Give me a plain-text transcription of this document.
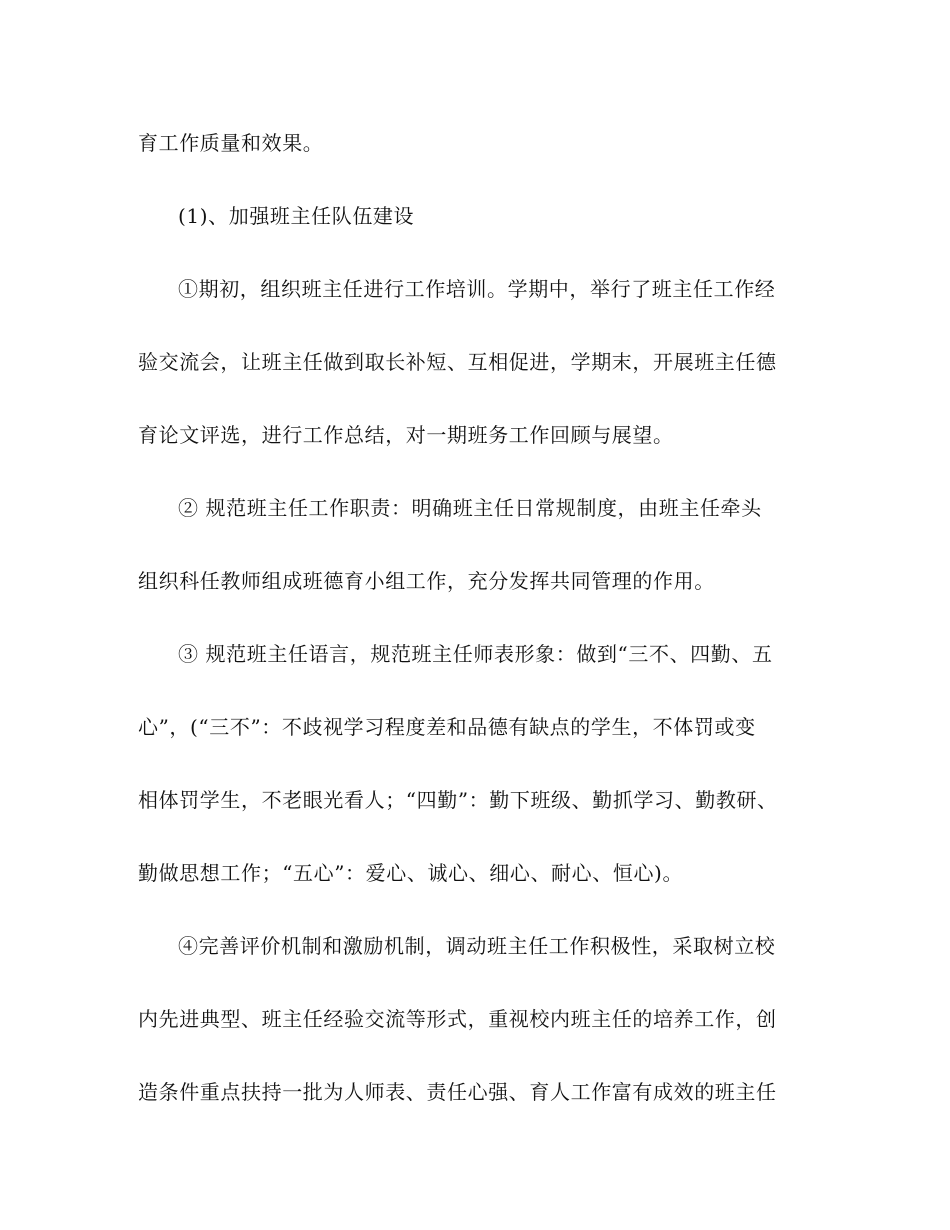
育工作质量和效果。

(1)、加强班主任队伍建设

①期初，组织班主任进行工作培训。学期中，举行了班主任工作经

验交流会，让班主任做到取长补短、互相促进，学期末，开展班主任德

育论文评选，进行工作总结，对一期班务工作回顾与展望。

② 规范班主任工作职责：明确班主任日常规制度，由班主任牵头

组织科任教师组成班德育小组工作，充分发挥共同管理的作用。

③ 规范班主任语言，规范班主任师表形象：做到“三不、四勤、五

心”，(“三不”：不歧视学习程度差和品德有缺点的学生，不体罚或变

相体罚学生，不老眼光看人；“四勤”：勤下班级、勤抓学习、勤教研、

勤做思想工作；“五心”：爱心、诚心、细心、耐心、恒心)。

④完善评价机制和激励机制，调动班主任工作积极性，采取树立校

内先进典型、班主任经验交流等形式，重视校内班主任的培养工作，创

造条件重点扶持一批为人师表、责任心强、育人工作富有成效的班主任
